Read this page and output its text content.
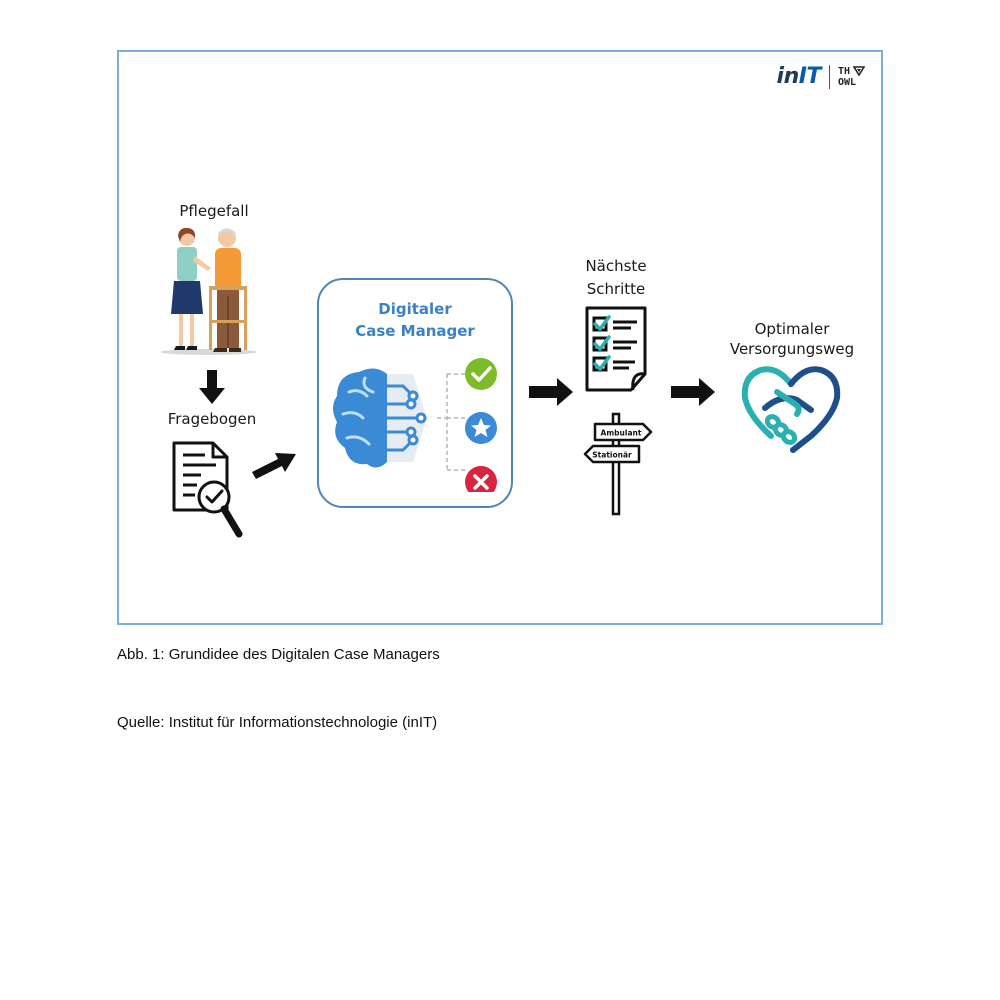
inIT TH
OWL
Pflegefall
Fragebogen
Digitaler
Case Manager
Nächste
Schritte
Ambulant
Stationär
Optimaler
Versorgungsweg
Abb. 1: Grundidee des Digitalen Case Managers
Quelle: Institut für Informationstechnologie (inIT)
